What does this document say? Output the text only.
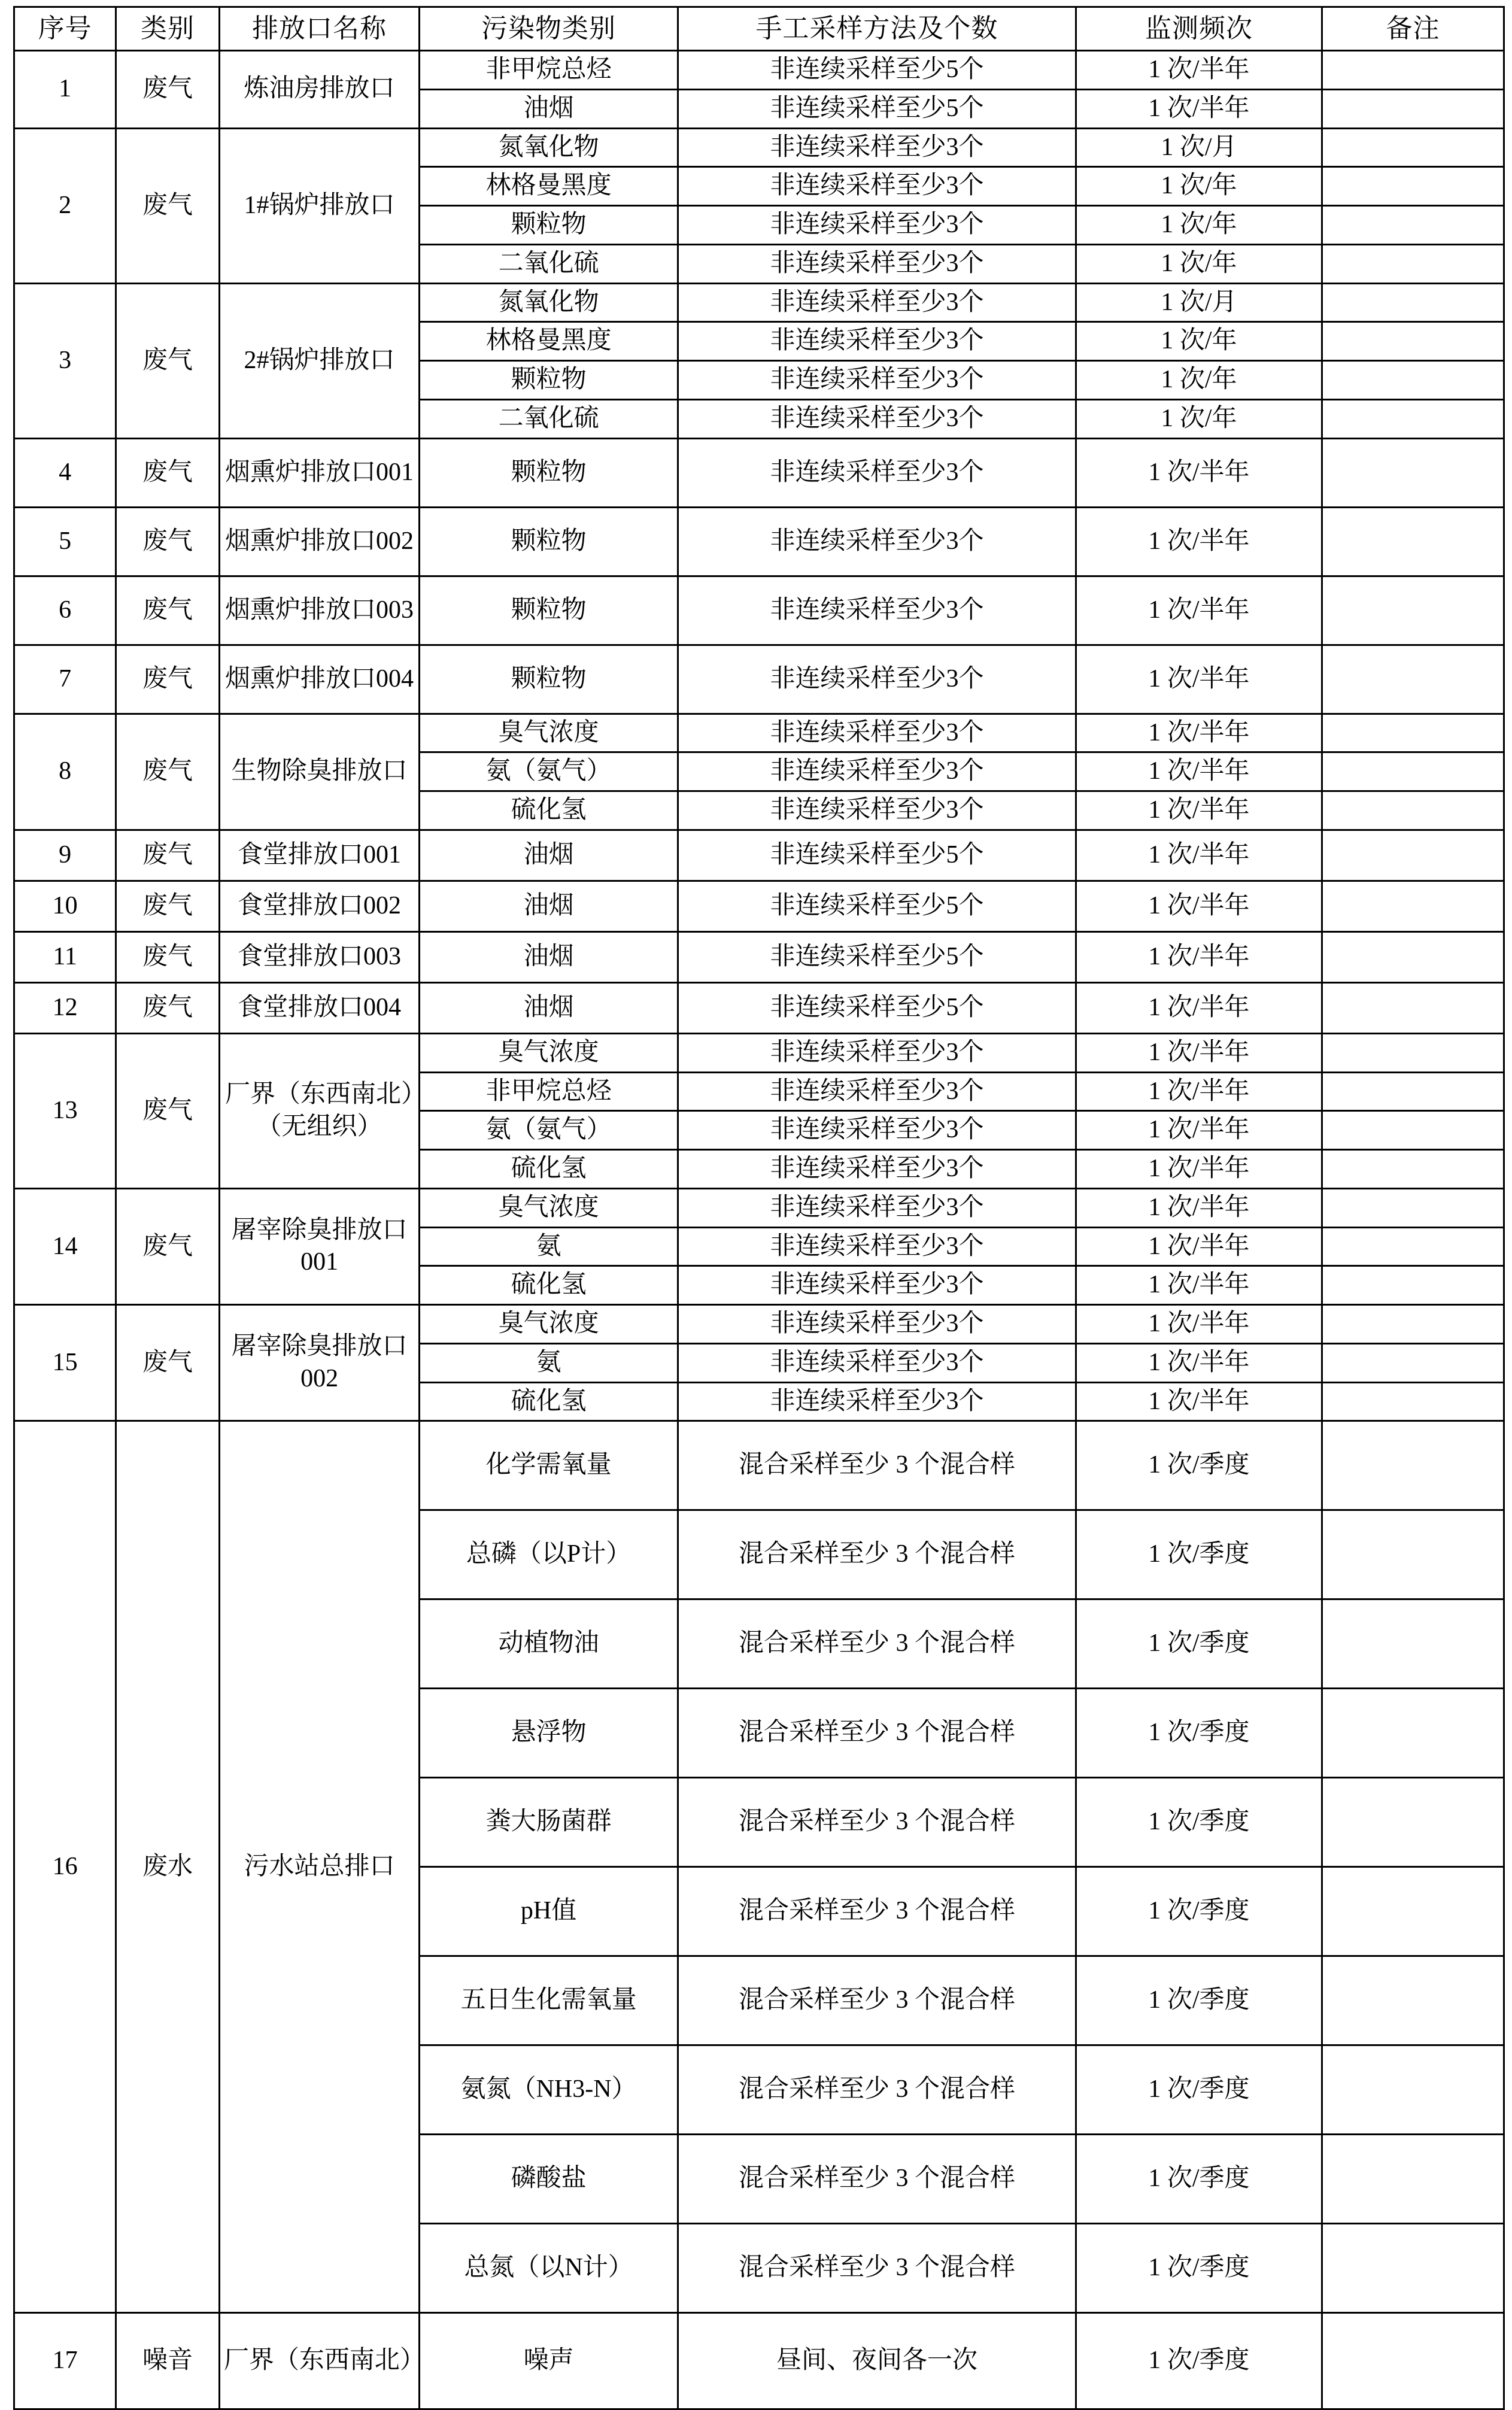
序号	类别	排放口名称	污染物类别	手工采样方法及个数	监测频次	备注
1	废气	炼油房排放口	非甲烷总烃	非连续采样至少5个	1 次/半年	
			油烟	非连续采样至少5个	1 次/半年	
2	废气	1#锅炉排放口	氮氧化物	非连续采样至少3个	1 次/月	
			林格曼黑度	非连续采样至少3个	1 次/年	
			颗粒物	非连续采样至少3个	1 次/年	
			二氧化硫	非连续采样至少3个	1 次/年	
3	废气	2#锅炉排放口	氮氧化物	非连续采样至少3个	1 次/月	
			林格曼黑度	非连续采样至少3个	1 次/年	
			颗粒物	非连续采样至少3个	1 次/年	
			二氧化硫	非连续采样至少3个	1 次/年	
4	废气	烟熏炉排放口001	颗粒物	非连续采样至少3个	1 次/半年	
5	废气	烟熏炉排放口002	颗粒物	非连续采样至少3个	1 次/半年	
6	废气	烟熏炉排放口003	颗粒物	非连续采样至少3个	1 次/半年	
7	废气	烟熏炉排放口004	颗粒物	非连续采样至少3个	1 次/半年	
8	废气	生物除臭排放口	臭气浓度	非连续采样至少3个	1 次/半年	
			氨（氨气）	非连续采样至少3个	1 次/半年	
			硫化氢	非连续采样至少3个	1 次/半年	
9	废气	食堂排放口001	油烟	非连续采样至少5个	1 次/半年	
10	废气	食堂排放口002	油烟	非连续采样至少5个	1 次/半年	
11	废气	食堂排放口003	油烟	非连续采样至少5个	1 次/半年	
12	废气	食堂排放口004	油烟	非连续采样至少5个	1 次/半年	
13	废气	厂界（东西南北）（无组织）	臭气浓度	非连续采样至少3个	1 次/半年	
			非甲烷总烃	非连续采样至少3个	1 次/半年	
			氨（氨气）	非连续采样至少3个	1 次/半年	
			硫化氢	非连续采样至少3个	1 次/半年	
14	废气	屠宰除臭排放口001	臭气浓度	非连续采样至少3个	1 次/半年	
			氨	非连续采样至少3个	1 次/半年	
			硫化氢	非连续采样至少3个	1 次/半年	
15	废气	屠宰除臭排放口002	臭气浓度	非连续采样至少3个	1 次/半年	
			氨	非连续采样至少3个	1 次/半年	
			硫化氢	非连续采样至少3个	1 次/半年	
16	废水	污水站总排口	化学需氧量	混合采样至少 3 个混合样	1 次/季度	
			总磷（以P计）	混合采样至少 3 个混合样	1 次/季度	
			动植物油	混合采样至少 3 个混合样	1 次/季度	
			悬浮物	混合采样至少 3 个混合样	1 次/季度	
			粪大肠菌群	混合采样至少 3 个混合样	1 次/季度	
			pH值	混合采样至少 3 个混合样	1 次/季度	
			五日生化需氧量	混合采样至少 3 个混合样	1 次/季度	
			氨氮（NH3-N）	混合采样至少 3 个混合样	1 次/季度	
			磷酸盐	混合采样至少 3 个混合样	1 次/季度	
			总氮（以N计）	混合采样至少 3 个混合样	1 次/季度	
17	噪音	厂界（东西南北）	噪声	昼间、夜间各一次	1 次/季度	
